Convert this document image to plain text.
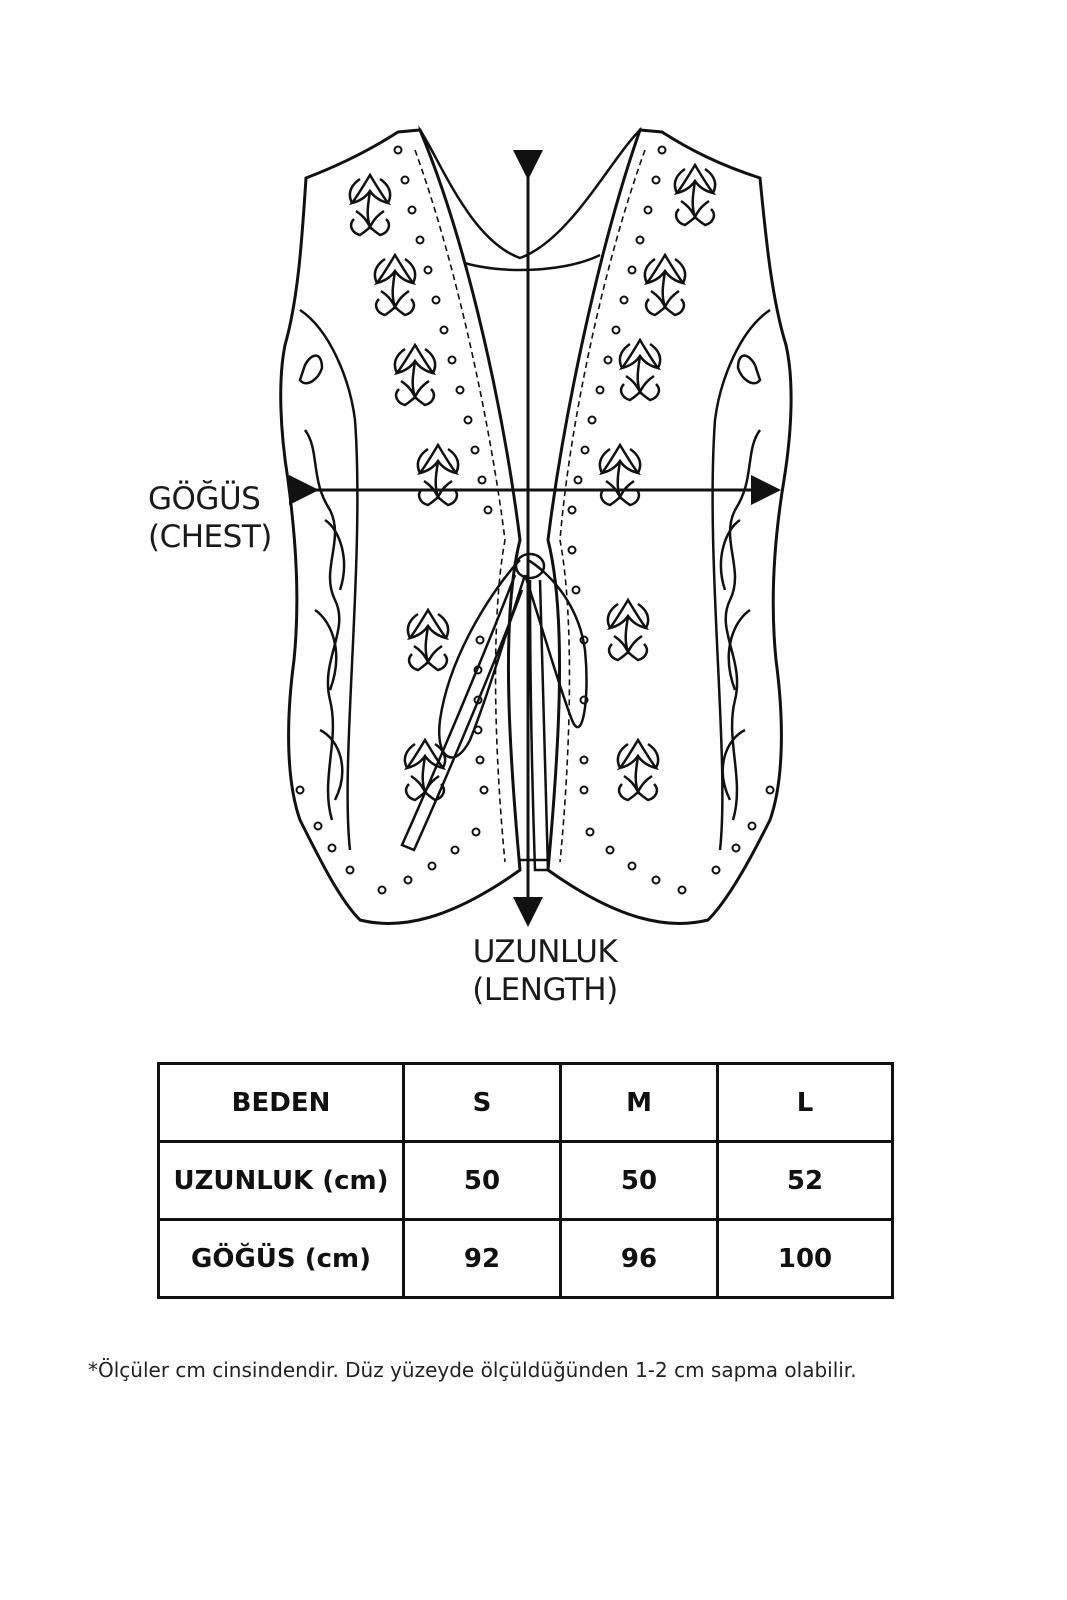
GÖĞÜS
(CHEST)
UZUNLUK
(LENGTH)
BEDEN	S	M	L
UZUNLUK (cm)	50	50	52
GÖĞÜS (cm)	92	96	100
*Ölçüler cm cinsindendir. Düz yüzeyde ölçüldüğünden 1-2 cm sapma olabilir.
